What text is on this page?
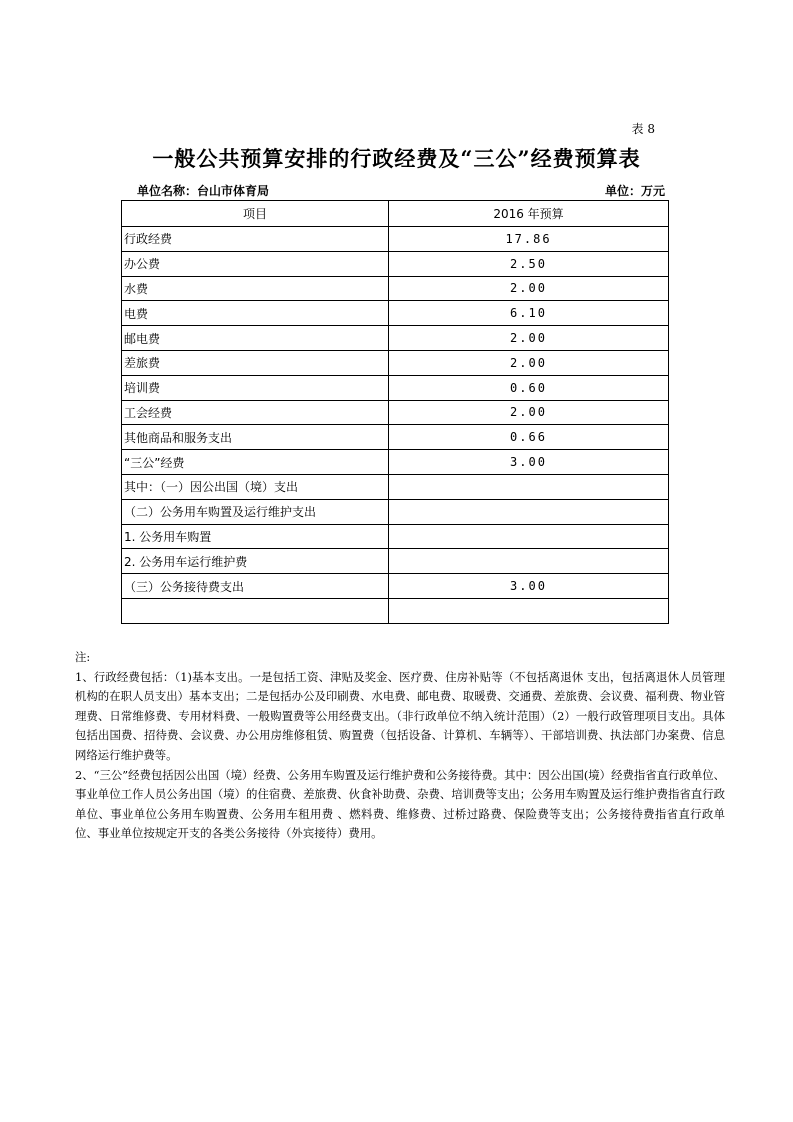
表 8
一般公共预算安排的行政经费及“三公”经费预算表
单位名称：台山市体育局	单位：万元
项目	2016 年预算
行政经费	17.86
办公费	2.50
水费	2.00
电费	6.10
邮电费	2.00
差旅费	2.00
培训费	0.60
工会经费	2.00
其他商品和服务支出	0.66
“三公”经费	3.00
其中：（一）因公出国（境）支出	
（二）公务用车购置及运行维护支出	
1. 公务用车购置	
2. 公务用车运行维护费	
（三）公务接待费支出	3.00

注:

1、行政经费包括：（1)基本支出。一是包括工资、津贴及奖金、医疗费、住房补贴等（不包括离退休 支出，包括离退休人员管理机构的在职人员支出）基本支出；二是包括办公及印刷费、水电费、邮电费、取暖费、交通费、差旅费、会议费、福利费、物业管理费、日常维修费、专用材料费、一般购置费等公用经费支出。（非行政单位不纳入统计范围）（2）一般行政管理项目支出。具体包括出国费、招待费、会议费、办公用房维修租赁、购置费（包括设备、计算机、车辆等）、干部培训费、执法部门办案费、信息网络运行维护费等。

2、“三公”经费包括因公出国（境）经费、公务用车购置及运行维护费和公务接待费。其中：因公出国(境）经费指省直行政单位、事业单位工作人员公务出国（境）的住宿费、差旅费、伙食补助费、杂费、培训费等支出；公务用车购置及运行维护费指省直行政单位、事业单位公务用车购置费、公务用车租用费 、燃料费、维修费、过桥过路费、保险费等支出；公务接待费指省直行政单位、事业单位按规定开支的各类公务接待（外宾接待）费用。
